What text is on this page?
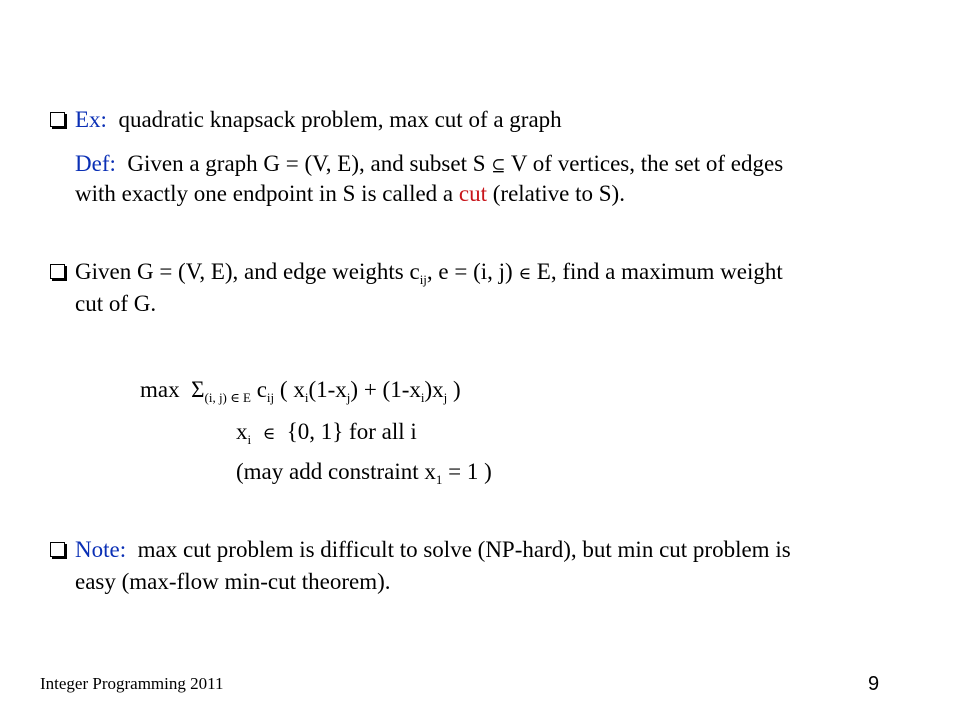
Ex: quadratic knapsack problem, max cut of a graph
Def: Given a graph G = (V, E), and subset S ⊆ V of vertices, the set of edges
with exactly one endpoint in S is called a cut (relative to S).
Given G = (V, E), and edge weights $c_{ij}$, e = (i, j) ∈ E, find a maximum weight
cut of G.
$\max \Sigma_{(i, j) \in E}$ $c_{ij}$ ( $x_i(1-x_j) + (1-x_i)x_j$ )
$x_i$ ∈ {0, 1} for all i
(may add constraint $x_1 = 1$ )
Note: max cut problem is difficult to solve (NP-hard), but min cut problem is
easy (max-flow min-cut theorem).
Integer Programming 2011	9
